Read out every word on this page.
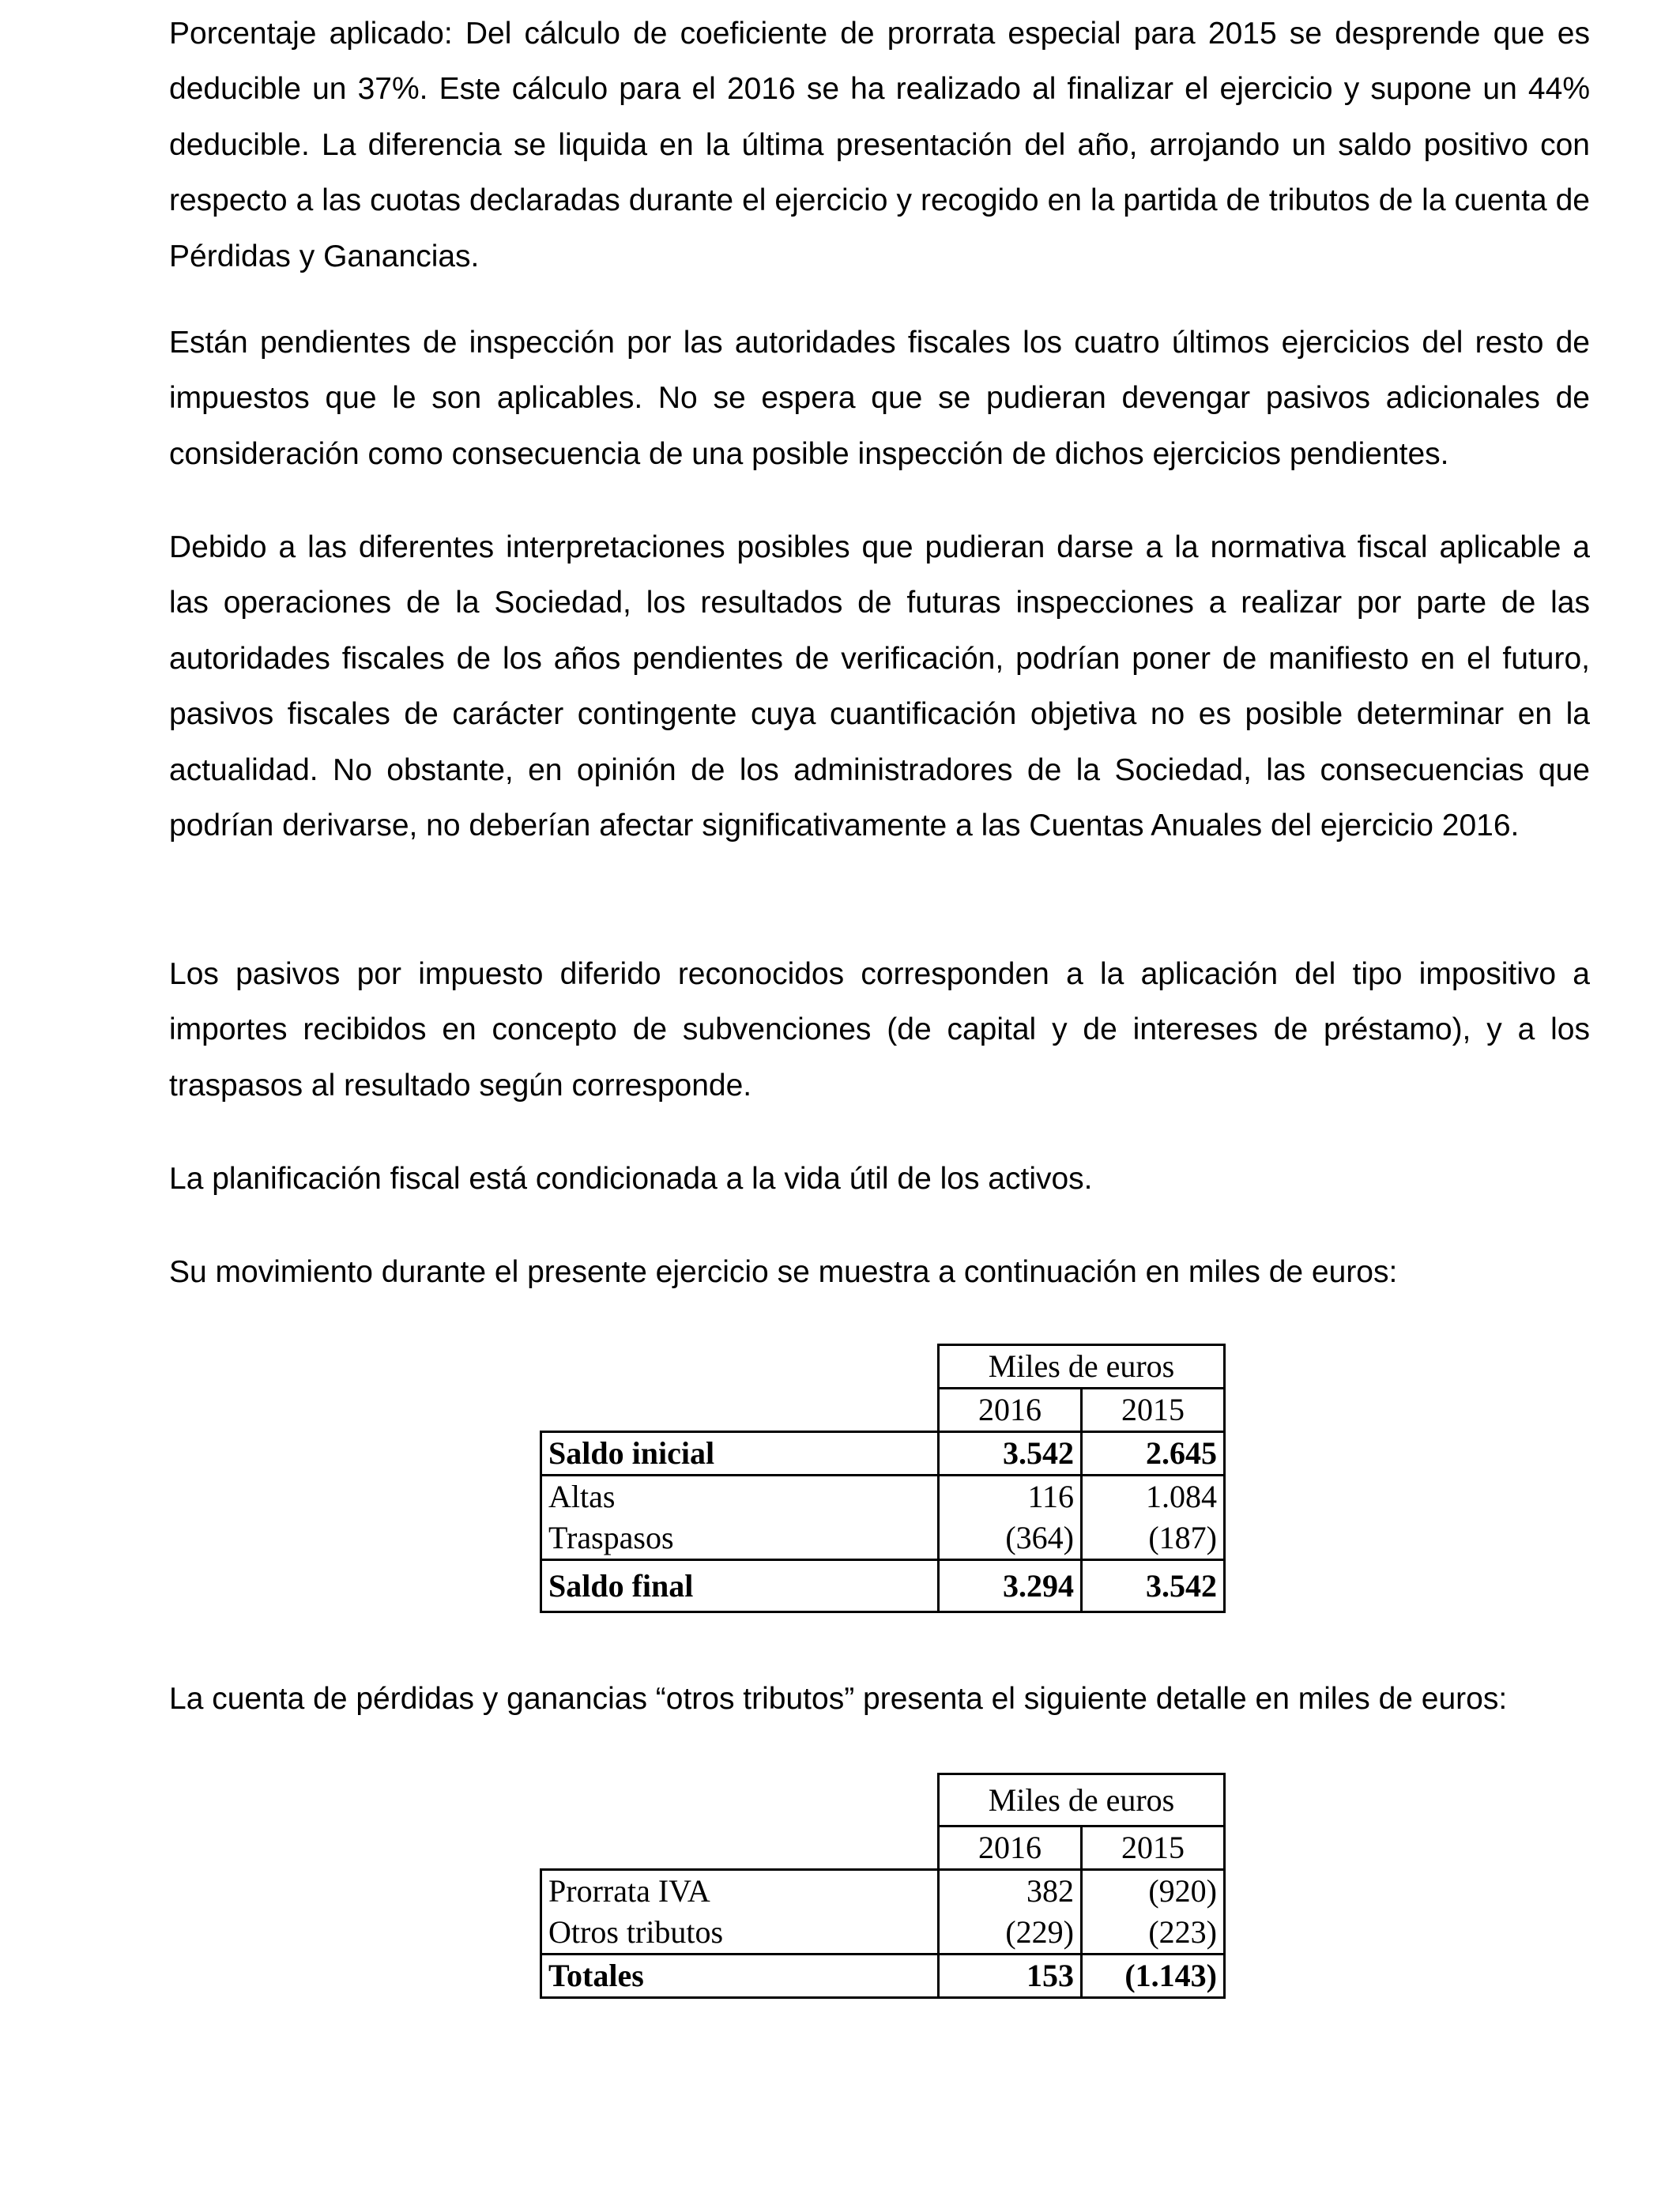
Porcentaje aplicado: Del cálculo de coeficiente de prorrata especial para 2015 se desprende que es deducible un 37%. Este cálculo para el 2016 se ha realizado al finalizar el ejercicio y supone un 44% deducible. La diferencia se liquida en la última presentación del año, arrojando un saldo positivo con respecto a las cuotas declaradas durante el ejercicio y recogido en la partida de tributos de la cuenta de Pérdidas y Ganancias.

Están pendientes de inspección por las autoridades fiscales los cuatro últimos ejercicios del resto de impuestos que le son aplicables. No se espera que se pudieran devengar pasivos adicionales de consideración como consecuencia de una posible inspección de dichos ejercicios pendientes.

Debido a las diferentes interpretaciones posibles que pudieran darse a la normativa fiscal aplicable a las operaciones de la Sociedad, los resultados de futuras inspecciones a realizar por parte de las autoridades fiscales de los años pendientes de verificación, podrían poner de manifiesto en el futuro, pasivos fiscales de carácter contingente cuya cuantificación objetiva no es posible determinar en la actualidad. No obstante, en opinión de los administradores de la Sociedad, las consecuencias que podrían derivarse, no deberían afectar significativamente a las Cuentas Anuales del ejercicio 2016.

Los pasivos por impuesto diferido reconocidos corresponden a la aplicación del tipo impositivo a importes recibidos en concepto de subvenciones (de capital y de intereses de préstamo), y a los traspasos al resultado según corresponde.

La planificación fiscal está condicionada a la vida útil de los activos.

Su movimiento durante el presente ejercicio se muestra a continuación en miles de euros:

	Miles de euros	
	2016	2015
Saldo inicial	3.542	2.645
Altas	116	1.084
Traspasos	(364)	(187)
Saldo final	3.294	3.542

La cuenta de pérdidas y ganancias “otros tributos” presenta el siguiente detalle en miles de euros:

	Miles de euros	
	2016	2015
Prorrata IVA	382	(920)
Otros tributos	(229)	(223)
Totales	153	(1.143)
